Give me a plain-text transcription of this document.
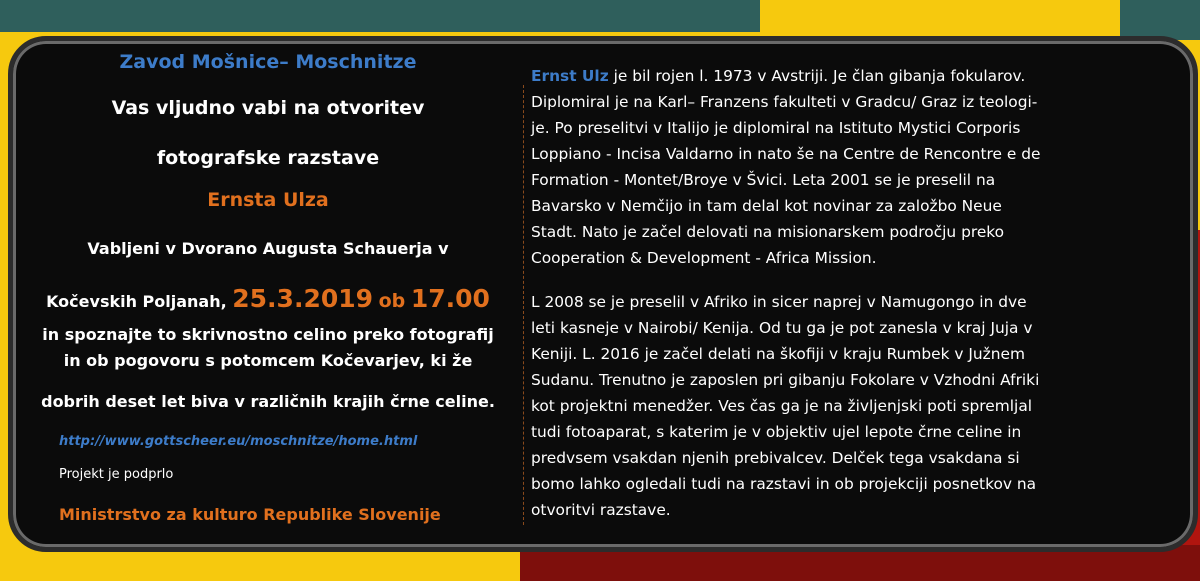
Zavod Mošnice– Moschnitze
Vas vljudno vabi na otvoritev
fotografske razstave
Ernsta Ulza
Vabljeni v Dvorano Augusta Schauerja v
Kočevskih Poljanah, 25.3.2019 ob 17.00
in spoznajte to skrivnostno celino preko fotografij
in ob pogovoru s potomcem Kočevarjev, ki že
dobrih deset let biva v različnih krajih črne celine.
http://www.gottscheer.eu/moschnitze/home.html
Projekt je podprlo
Ministrstvo za kulturo Republike Slovenije
Ernst Ulz je bil rojen l. 1973 v Avstriji. Je član gibanja fokularov.
Diplomiral je na Karl– Franzens fakulteti v Gradcu/ Graz iz teologi-
je. Po preselitvi v Italijo je diplomiral na Istituto Mystici Corporis
Loppiano - Incisa Valdarno in nato še na Centre de Rencontre e de
Formation - Montet/Broye v Švici. Leta 2001 se je preselil na
Bavarsko v Nemčijo in tam delal kot novinar za založbo Neue
Stadt. Nato je začel delovati na misionarskem področju preko
Cooperation & Development - Africa Mission.
L 2008 se je preselil v Afriko in sicer naprej v Namugongo in dve
leti kasneje v Nairobi/ Kenija. Od tu ga je pot zanesla v kraj Juja v
Keniji. L. 2016 je začel delati na škofiji v kraju Rumbek v Južnem
Sudanu. Trenutno je zaposlen pri gibanju Fokolare v Vzhodni Afriki
kot projektni menedžer. Ves čas ga je na življenjski poti spremljal
tudi fotoaparat, s katerim je v objektiv ujel lepote črne celine in
predvsem vsakdan njenih prebivalcev. Delček tega vsakdana si
bomo lahko ogledali tudi na razstavi in ob projekciji posnetkov na
otvoritvi razstave.
